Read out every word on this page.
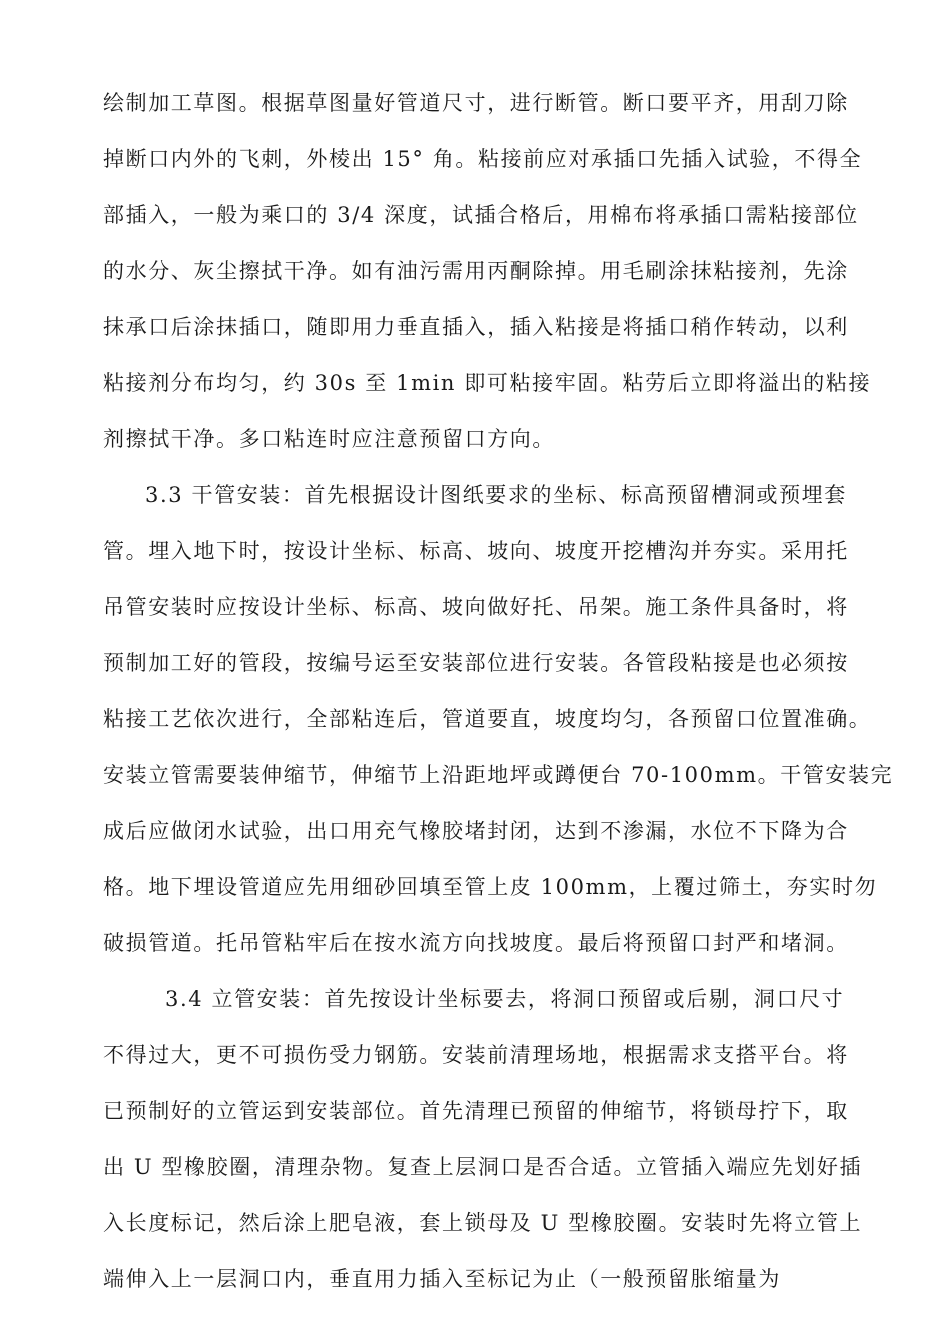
绘制加工草图。根据草图量好管道尺寸，进行断管。断口要平齐，用刮刀除
掉断口内外的飞刺，外棱出 15° 角。粘接前应对承插口先插入试验，不得全
部插入，一般为乘口的 3/4 深度，试插合格后，用棉布将承插口需粘接部位
的水分、灰尘擦拭干净。如有油污需用丙酮除掉。用毛刷涂抹粘接剂，先涂
抹承口后涂抹插口，随即用力垂直插入，插入粘接是将插口稍作转动，以利
粘接剂分布均匀，约 30s 至 1min 即可粘接牢固。粘劳后立即将溢出的粘接
剂擦拭干净。多口粘连时应注意预留口方向。
3.3 干管安装：首先根据设计图纸要求的坐标、标高预留槽洞或预埋套
管。埋入地下时，按设计坐标、标高、坡向、坡度开挖槽沟并夯实。采用托
吊管安装时应按设计坐标、标高、坡向做好托、吊架。施工条件具备时，将
预制加工好的管段，按编号运至安装部位进行安装。各管段粘接是也必须按
粘接工艺依次进行，全部粘连后，管道要直，坡度均匀，各预留口位置准确。
安装立管需要装伸缩节，伸缩节上沿距地坪或蹲便台 70-100mm。干管安装完
成后应做闭水试验，出口用充气橡胶堵封闭，达到不渗漏，水位不下降为合
格。地下埋设管道应先用细砂回填至管上皮 100mm，上覆过筛土，夯实时勿
破损管道。托吊管粘牢后在按水流方向找坡度。最后将预留口封严和堵洞。
3.4 立管安装：首先按设计坐标要去，将洞口预留或后剔，洞口尺寸
不得过大，更不可损伤受力钢筋。安装前清理场地，根据需求支搭平台。将
已预制好的立管运到安装部位。首先清理已预留的伸缩节，将锁母拧下，取
出 U 型橡胶圈，清理杂物。复查上层洞口是否合适。立管插入端应先划好插
入长度标记，然后涂上肥皂液，套上锁母及 U 型橡胶圈。安装时先将立管上
端伸入上一层洞口内，垂直用力插入至标记为止（一般预留胀缩量为
